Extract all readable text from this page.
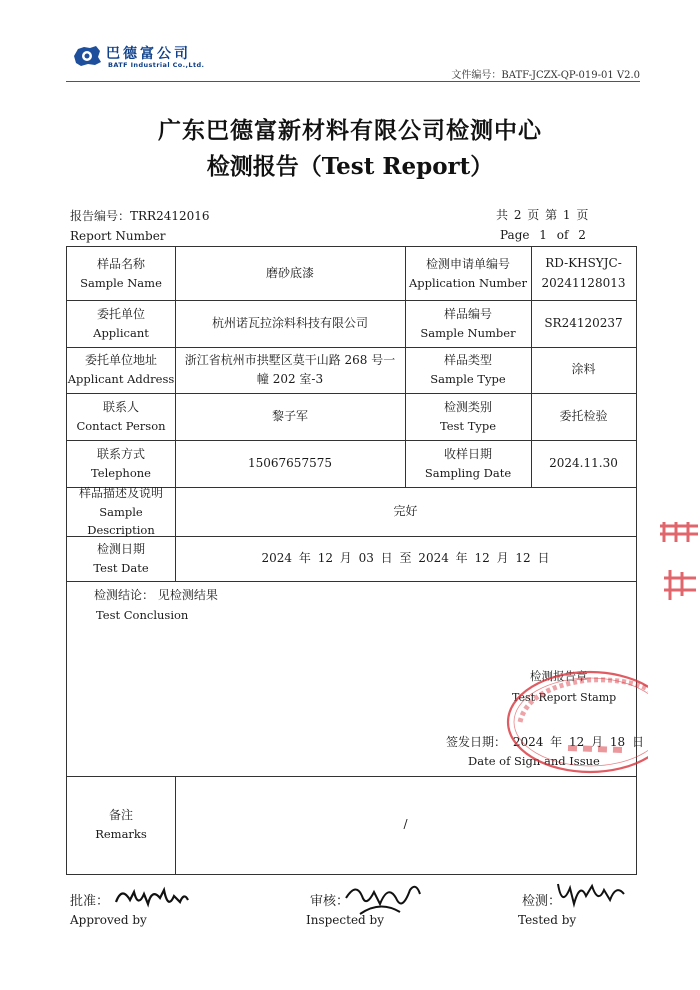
巴德富公司
BATF Industrial Co.,Ltd.
文件编号：BATF-JCZX-QP-019-01 V2.0
广东巴德富新材料有限公司检测中心
检测报告（Test Report）
报告编号：TRR2412016
Report Number
共 2 页 第 1 页
Page 1 of 2
样品名称
Sample Name
磨砂底漆
检测申请单编号
Application Number
RD-KHSYJC-
20241128013
委托单位
Applicant
杭州诺瓦拉涂料科技有限公司
样品编号
Sample Number
SR24120237
委托单位地址
Applicant Address
浙江省杭州市拱墅区莫干山路 268 号一
幢 202 室-3
样品类型
Sample Type
涂料
联系人
Contact Person
黎子军
检测类别
Test Type
委托检验
联系方式
Telephone
15067657575
收样日期
Sampling Date
2024.11.30
样品描述及说明
Sample Description
完好
检测日期
Test Date
2024 年 12 月 03 日 至 2024 年 12 月 12 日
备注
Remarks
/
检测结论： 见检测结果
Test Conclusion
检测报告章
Test Report Stamp
签发日期： 2024 年 12 月 18 日
Date of Sign and Issue
批准：
Approved by
审核：
Inspected by
检测：
Tested by
